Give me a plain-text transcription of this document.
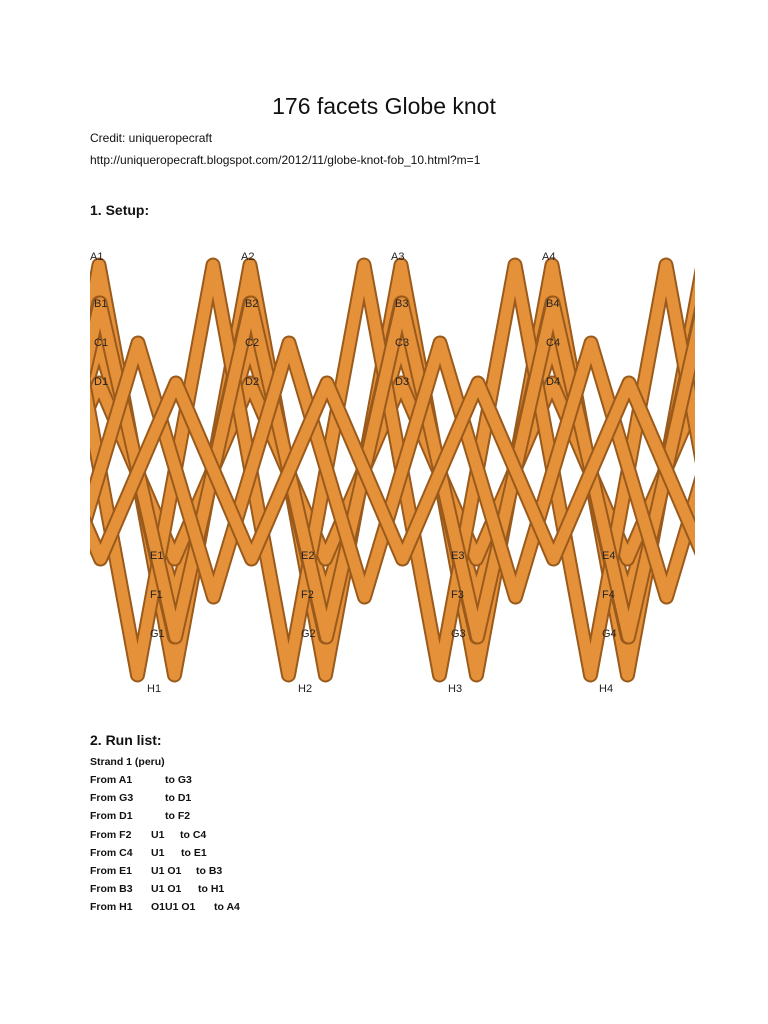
176 facets Globe knot
Credit: uniqueropecraft
http://uniqueropecraft.blogspot.com/2012/11/globe-knot-fob_10.html?m=1
1. Setup:
A1	A2	A3	A4
B1	B2	B3	B4
C1	C2	C3	C4
D1	D2	D3	D4
E1	E2	E3	E4
F1	F2	F3	F4
G1	G2	G3	G4
H1	H2	H3	H4
2. Run list:
Strand 1 (peru)
From A1	to G3
From G3	to D1
From D1	to F2
From F2 U1 to C4
From C4 U1 to E1
From E1 U1 O1 to B3
From B3 U1 O1 to H1
From H1 O1U1 O1 to A4
